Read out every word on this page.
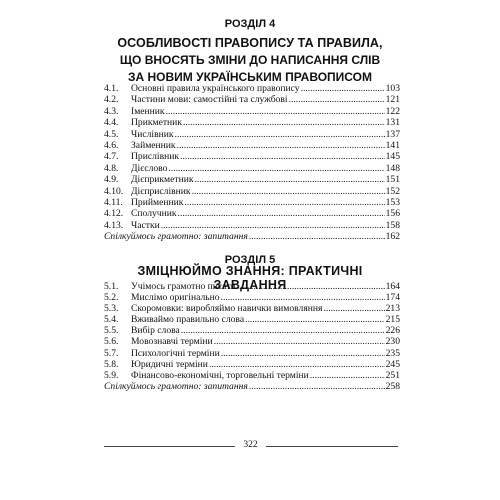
РОЗДІЛ 4
ОСОБЛИВОСТІ ПРАВОПИСУ ТА ПРАВИЛА,
ЩО ВНОСЯТЬ ЗМІНИ ДО НАПИСАННЯ СЛІВ
ЗА НОВИМ УКРАЇНСЬКИМ ПРАВОПИСОМ
4.1.	Основні правила українського правопису .....	103
4.2.	Частини мови: самостійні та службові .....	121
4.3.	Іменник .....	122
4.4.	Прикметник .....	131
4.5.	Числівник .....	137
4.6.	Займенник .....	141
4.7.	Прислівник .....	145
4.8.	Дієслово .....	148
4.9.	Дієприкметник .....	151
4.10. Дієприслівник .....	152
4.11. Прийменник .....	153
4.12. Сполучник .....	156
4.13. Частки .....	158
Спілкуймось грамотно: запитання .....	162
РОЗДІЛ 5
ЗМІЦНЮЙМО ЗНАННЯ: ПРАКТИЧНІ ЗАВДАННЯ
5.1.	Учімось грамотно писати .....	164
5.2.	Мислімо оригінально .....	174
5.3.	Скоромовки: виробляймо навички вимовляння .....	213
5.4.	Вживаймо правильно слова .....	215
5.5.	Вибір слова .....	226
5.6.	Мовознавчі терміни .....	230
5.7.	Психологічні терміни .....	235
5.8.	Юридичні терміни .....	245
5.9.	Фінансово-економічні, торговельні терміни .....	251
Спілкуймось грамотно: запитання .....	258
322
